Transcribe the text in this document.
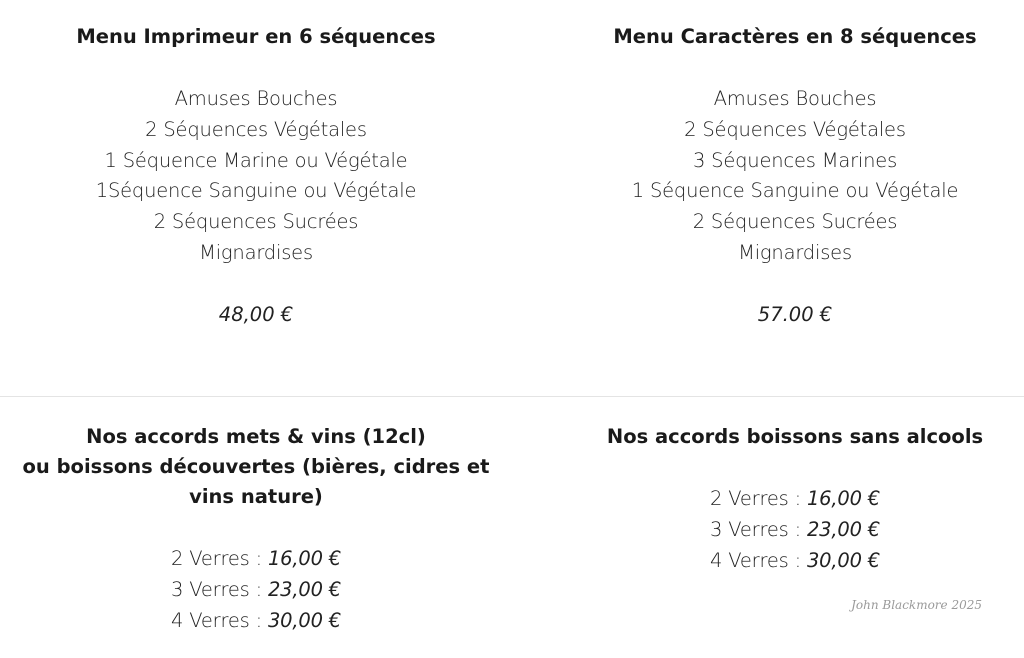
Menu Imprimeur en 6 séquences
Amuses Bouches
2 Séquences Végétales
1 Séquence Marine ou Végétale
1Séquence Sanguine ou Végétale
2 Séquences Sucrées
Mignardises
48,00 €
Menu Caractères en 8 séquences
Amuses Bouches
2 Séquences Végétales
3 Séquences Marines
1 Séquence Sanguine ou Végétale
2 Séquences Sucrées
Mignardises
57.00 €
Nos accords mets & vins (12cl)
ou boissons découvertes (bières, cidres et vins nature)
2 Verres : 16,00 €
3 Verres : 23,00 €
4 Verres : 30,00 €
Nos accords boissons sans alcools
2 Verres : 16,00 €
3 Verres : 23,00 €
4 Verres : 30,00 €
John Blackmore 2025
